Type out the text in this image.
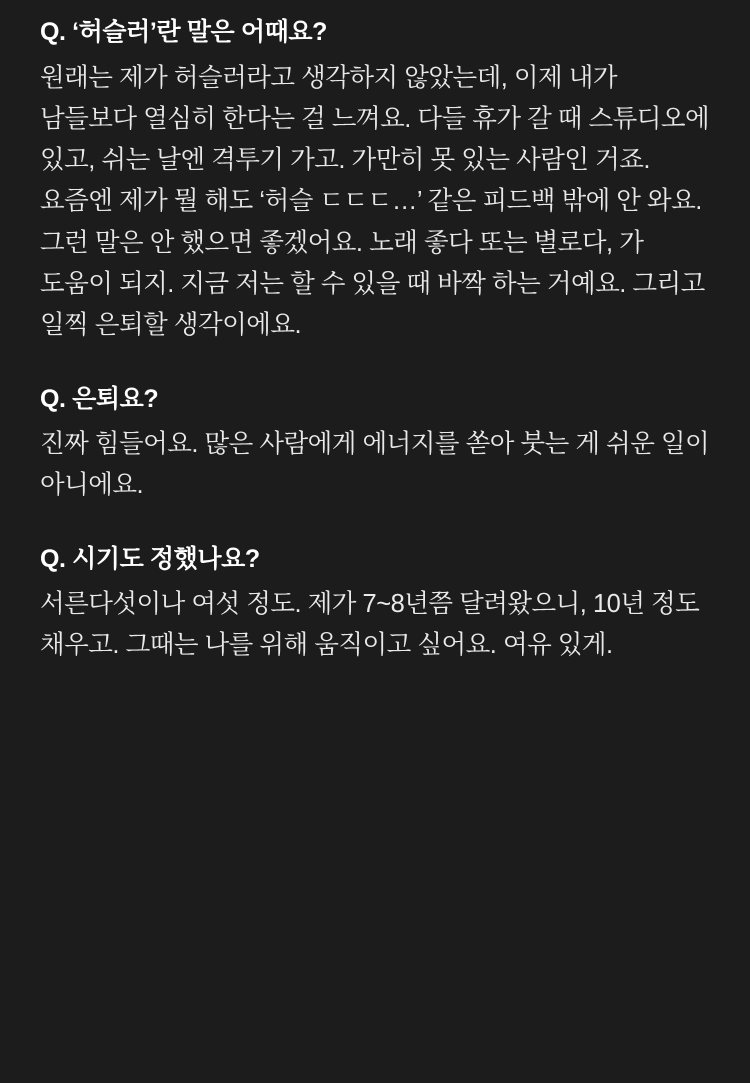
Q. ‘허슬러’란 말은 어때요?

원래는 제가 허슬러라고 생각하지 않았는데, 이제 내가 남들보다 열심히 한다는 걸 느껴요. 다들 휴가 갈 때 스튜디오에 있고, 쉬는 날엔 격투기 가고. 가만히 못 있는 사람인 거죠. 요즘엔 제가 뭘 해도 ‘허슬 ㄷㄷㄷ…’ 같은 피드백 밖에 안 와요. 그런 말은 안 했으면 좋겠어요. 노래 좋다 또는 별로다, 가 도움이 되지. 지금 저는 할 수 있을 때 바짝 하는 거예요. 그리고 일찍 은퇴할 생각이에요.

Q. 은퇴요?

진짜 힘들어요. 많은 사람에게 에너지를 쏟아 붓는 게 쉬운 일이 아니에요.

Q. 시기도 정했나요?

서른다섯이나 여섯 정도. 제가 7~8년쯤 달려왔으니, 10년 정도 채우고. 그때는 나를 위해 움직이고 싶어요. 여유 있게.
